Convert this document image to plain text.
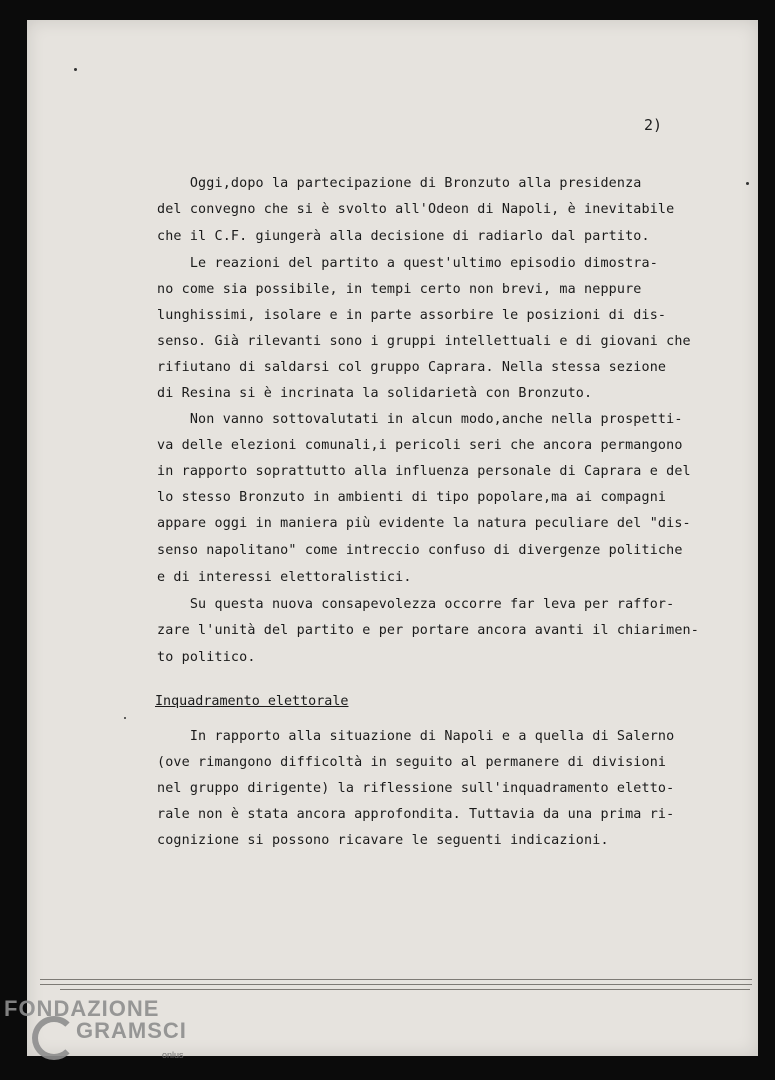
2)
Oggi,dopo la partecipazione di Bronzuto alla presidenza
del convegno che si è svolto all'Odeon di Napoli, è inevitabile
che il C.F. giungerà alla decisione di radiarlo dal partito.
Le reazioni del partito a quest'ultimo episodio dimostra-
no come sia possibile, in tempi certo non brevi, ma neppure
lunghissimi, isolare e in parte assorbire le posizioni di dis-
senso. Già rilevanti sono i gruppi intellettuali e di giovani che
rifiutano di saldarsi col gruppo Caprara. Nella stessa sezione
di Resina si è incrinata la solidarietà con Bronzuto.
Non vanno sottovalutati in alcun modo,anche nella prospetti-
va delle elezioni comunali,i pericoli seri che ancora permangono
in rapporto soprattutto alla influenza personale di Caprara e del
lo stesso Bronzuto in ambienti di tipo popolare,ma ai compagni
appare oggi in maniera più evidente la natura peculiare del "dis-
senso napolitano" come intreccio confuso di divergenze politiche
e di interessi elettoralistici.
Su questa nuova consapevolezza occorre far leva per raffor-
zare l'unità del partito e per portare ancora avanti il chiarimen-
to politico.
Inquadramento elettorale
In rapporto alla situazione di Napoli e a quella di Salerno
(ove rimangono difficoltà in seguito al permanere di divisioni
nel gruppo dirigente) la riflessione sull'inquadramento eletto-
rale non è stata ancora approfondita. Tuttavia da una prima ri-
cognizione si possono ricavare le seguenti indicazioni.
FONDAZIONE
GRAMSCI
onlus
